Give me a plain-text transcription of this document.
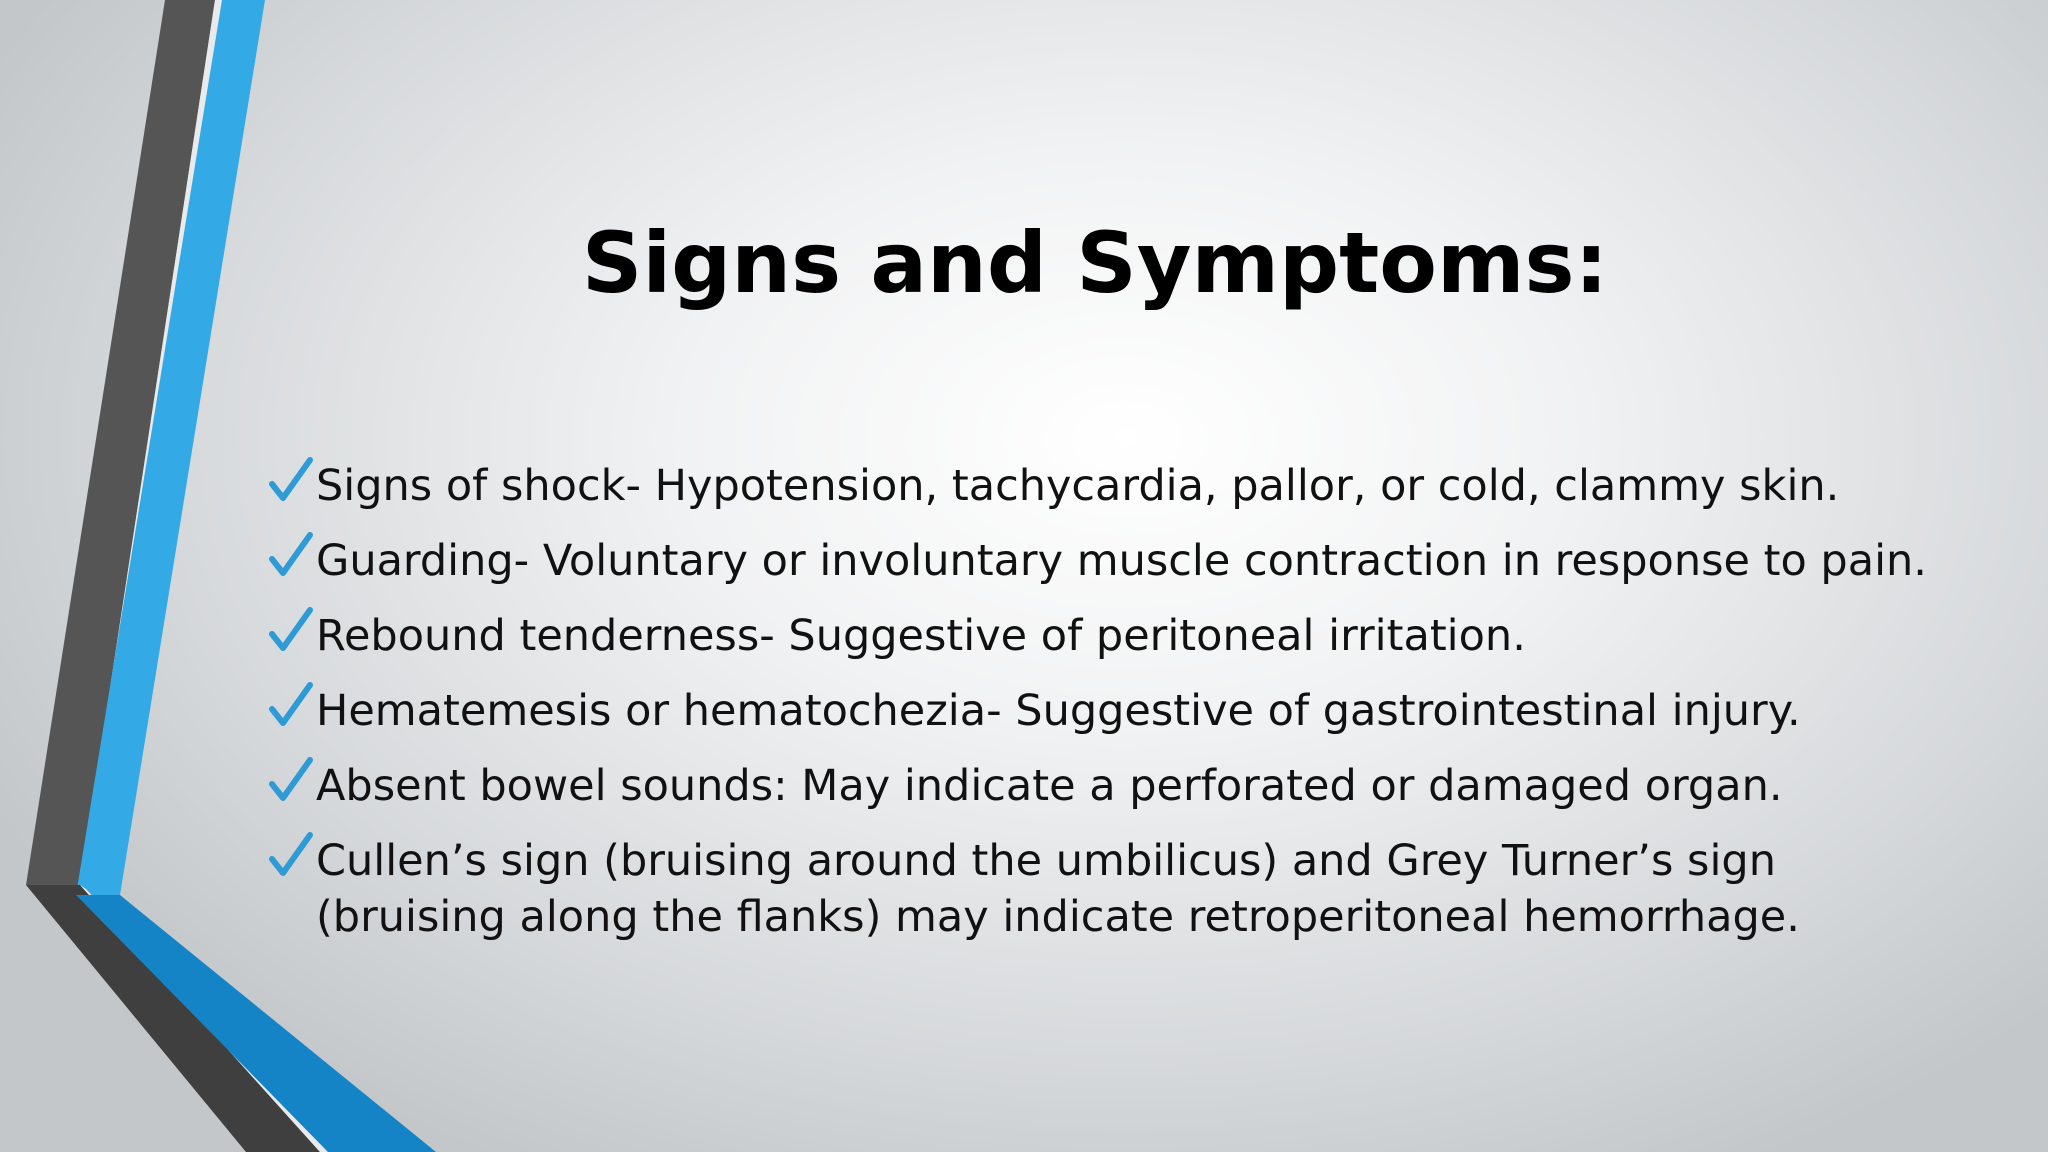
Signs and Symptoms:
Signs of shock- Hypotension, tachycardia, pallor, or cold, clammy skin.
Guarding- Voluntary or involuntary muscle contraction in response to pain.
Rebound tenderness- Suggestive of peritoneal irritation.
Hematemesis or hematochezia- Suggestive of gastrointestinal injury.
Absent bowel sounds: May indicate a perforated or damaged organ.
Cullen’s sign (bruising around the umbilicus) and Grey Turner’s sign
(bruising along the flanks) may indicate retroperitoneal hemorrhage.
